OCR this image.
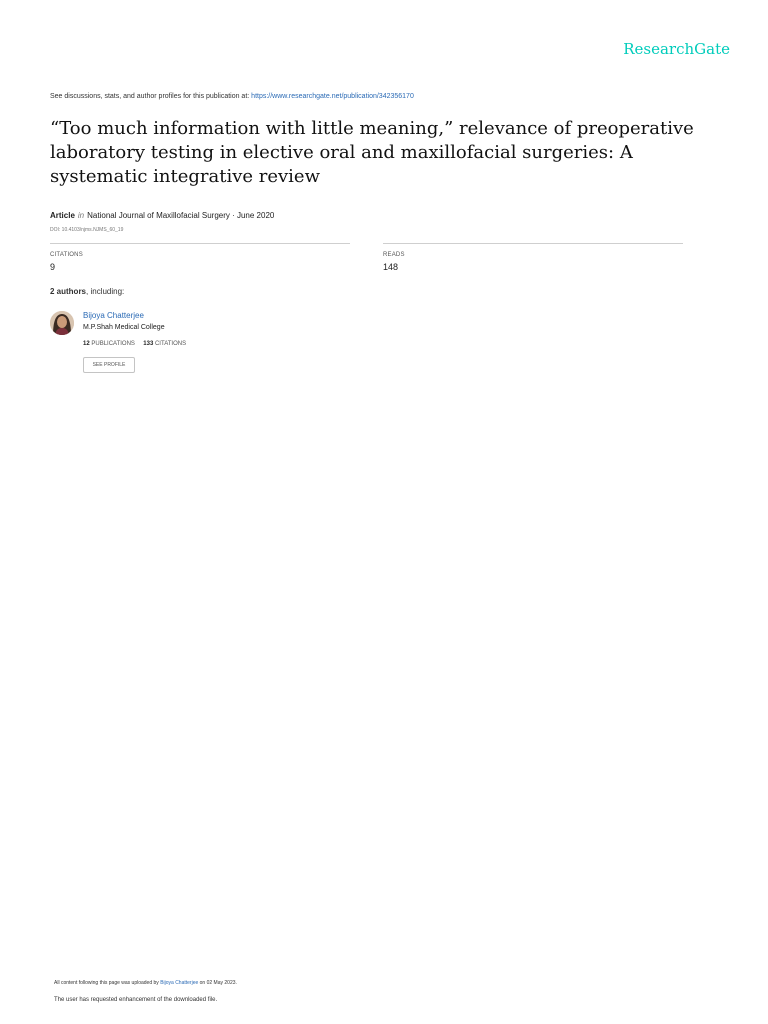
ResearchGate
See discussions, stats, and author profiles for this publication at: https://www.researchgate.net/publication/342356170
“Too much information with little meaning,” relevance of preoperative laboratory testing in elective oral and maxillofacial surgeries: A systematic integrative review
Article in National Journal of Maxillofacial Surgery · June 2020
DOI: 10.4103/njms.NJMS_60_19
CITATIONS
9
READS
148
2 authors, including:
Bijoya Chatterjee
M.P.Shah Medical College
12 PUBLICATIONS 133 CITATIONS
SEE PROFILE
All content following this page was uploaded by Bijoya Chatterjee on 02 May 2023.
The user has requested enhancement of the downloaded file.
